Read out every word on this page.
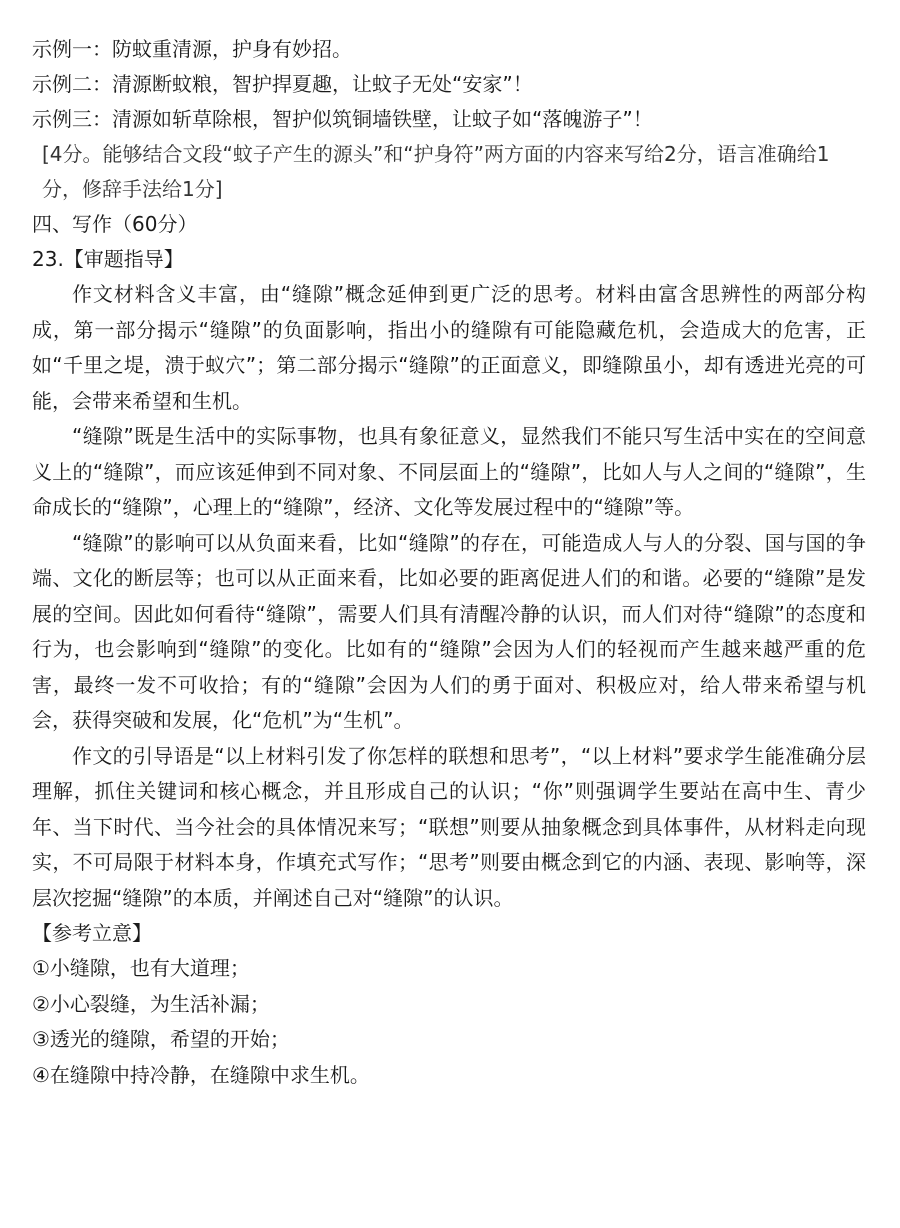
示例一：防蚊重清源，护身有妙招。

示例二：清源断蚊粮，智护捍夏趣，让蚊子无处“安家”！

示例三：清源如斩草除根，智护似筑铜墙铁壁，让蚊子如“落魄游子”！

[4分。能够结合文段“蚊子产生的源头”和“护身符”两方面的内容来写给2分，语言准确给1分，修辞手法给1分]

四、写作（60分）

23.【审题指导】

作文材料含义丰富，由“缝隙”概念延伸到更广泛的思考。材料由富含思辨性的两部分构成，第一部分揭示“缝隙”的负面影响，指出小的缝隙有可能隐藏危机，会造成大的危害，正如“千里之堤，溃于蚁穴”；第二部分揭示“缝隙”的正面意义，即缝隙虽小，却有透进光亮的可能，会带来希望和生机。

“缝隙”既是生活中的实际事物，也具有象征意义，显然我们不能只写生活中实在的空间意义上的“缝隙”，而应该延伸到不同对象、不同层面上的“缝隙”，比如人与人之间的“缝隙”，生命成长的“缝隙”，心理上的“缝隙”，经济、文化等发展过程中的“缝隙”等。

“缝隙”的影响可以从负面来看，比如“缝隙”的存在，可能造成人与人的分裂、国与国的争端、文化的断层等；也可以从正面来看，比如必要的距离促进人们的和谐。必要的“缝隙”是发展的空间。因此如何看待“缝隙”，需要人们具有清醒冷静的认识，而人们对待“缝隙”的态度和行为，也会影响到“缝隙”的变化。比如有的“缝隙”会因为人们的轻视而产生越来越严重的危害，最终一发不可收拾；有的“缝隙”会因为人们的勇于面对、积极应对，给人带来希望与机会，获得突破和发展，化“危机”为“生机”。

作文的引导语是“以上材料引发了你怎样的联想和思考”，“以上材料”要求学生能准确分层理解，抓住关键词和核心概念，并且形成自己的认识；“你”则强调学生要站在高中生、青少年、当下时代、当今社会的具体情况来写；“联想”则要从抽象概念到具体事件，从材料走向现实，不可局限于材料本身，作填充式写作；“思考”则要由概念到它的内涵、表现、影响等，深层次挖掘“缝隙”的本质，并阐述自己对“缝隙”的认识。

【参考立意】

①小缝隙，也有大道理；

②小心裂缝，为生活补漏；

③透光的缝隙，希望的开始；

④在缝隙中持冷静，在缝隙中求生机。
